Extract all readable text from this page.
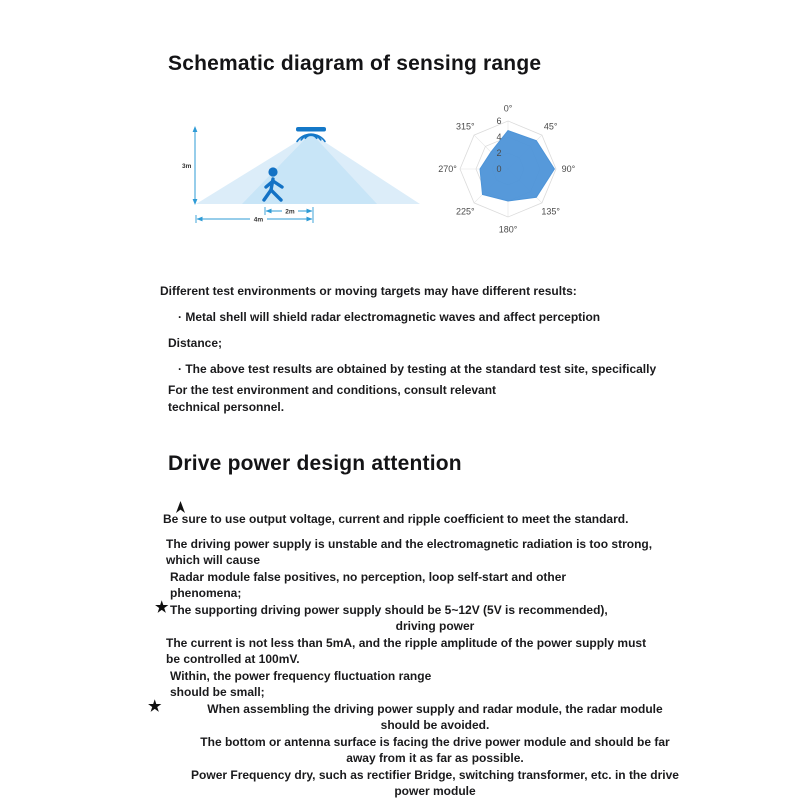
Schematic diagram of sensing range
3m
2m
4m
0°
45°
90°
135°
180°
225°
270°
315°
0
2
4
6
Different test environments or moving targets may have different results:
· Metal shell will shield radar electromagnetic waves and affect perception
Distance;
· The above test results are obtained by testing at the standard test site, specifically
For the test environment and conditions, consult relevant
technical personnel.
Drive power design attention
★
★
Be sure to use output voltage, current and ripple coefficient to meet the standard.
The driving power supply is unstable and the electromagnetic radiation is too strong,
which will cause
Radar module false positives, no perception, loop self-start and other
phenomena;
The supporting driving power supply should be 5~12V (5V is recommended),
driving power
The current is not less than 5mA, and the ripple amplitude of the power supply must
be controlled at 100mV.
Within, the power frequency fluctuation range
should be small;
When assembling the driving power supply and radar module, the radar module
should be avoided.
The bottom or antenna surface is facing the drive power module and should be far
away from it as far as possible.
Power Frequency dry, such as rectifier Bridge, switching transformer, etc. in the drive
power module
